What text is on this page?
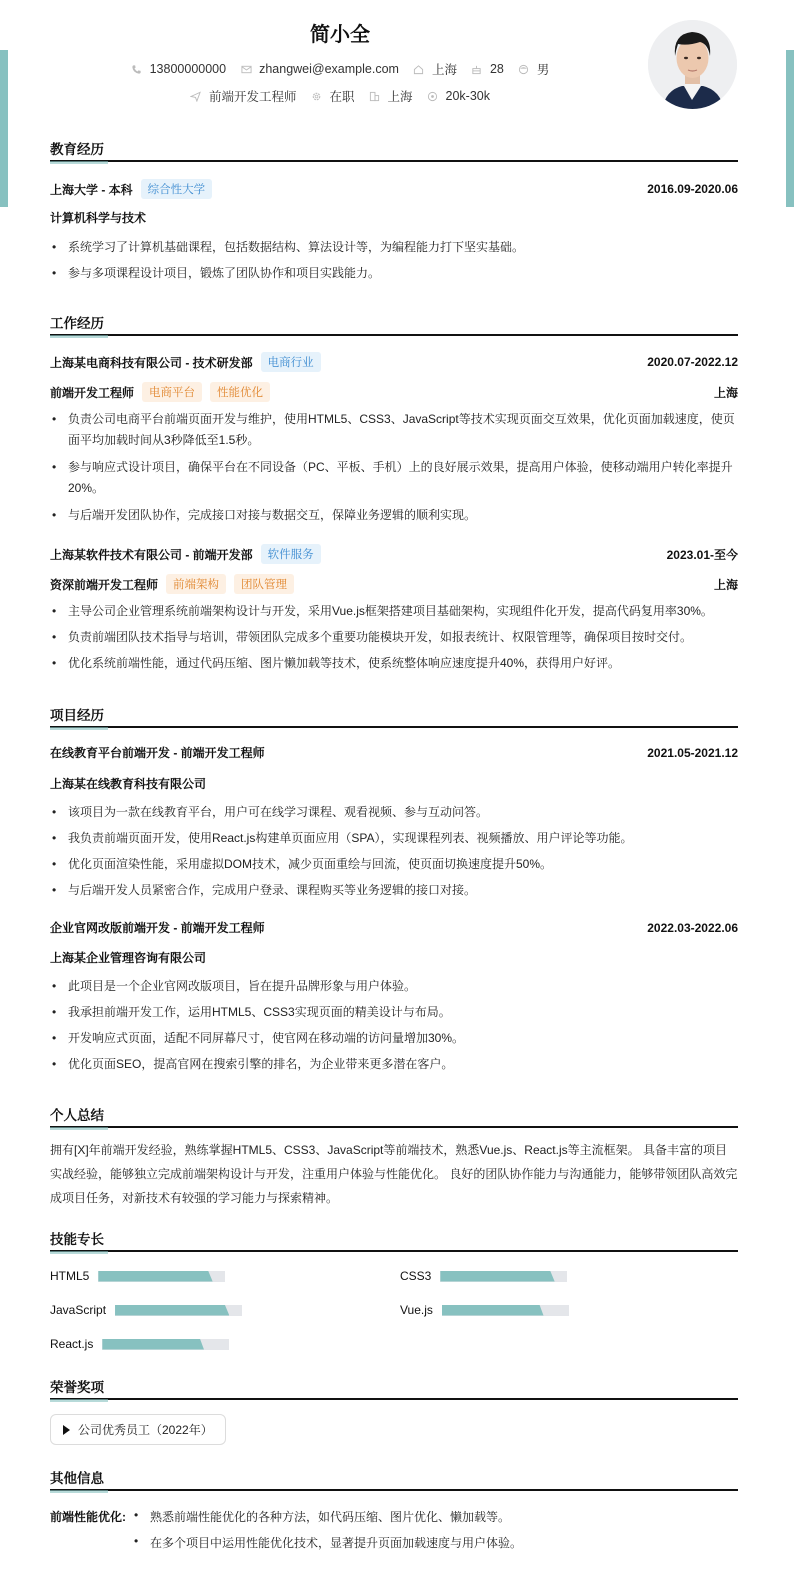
简小全
13800000000	zhangwei@example.com	上海	28	男
前端开发工程师	在职	上海	20k-30k
教育经历
上海大学 - 本科	综合性大学	2016.09-2020.06
计算机科学与技术
• 系统学习了计算机基础课程，包括数据结构、算法设计等，为编程能力打下坚实基础。
• 参与多项课程设计项目，锻炼了团队协作和项目实践能力。
工作经历
上海某电商科技有限公司 - 技术研发部	电商行业	2020.07-2022.12
前端开发工程师	电商平台	性能优化	上海
• 负责公司电商平台前端页面开发与维护，使用HTML5、CSS3、JavaScript等技术实现页面交互效果，优化页面加载速度，使页面平均加载时间从3秒降低至1.5秒。
• 参与响应式设计项目，确保平台在不同设备（PC、平板、手机）上的良好展示效果，提高用户体验，使移动端用户转化率提升20%。
• 与后端开发团队协作，完成接口对接与数据交互，保障业务逻辑的顺利实现。
上海某软件技术有限公司 - 前端开发部	软件服务	2023.01-至今
资深前端开发工程师	前端架构	团队管理	上海
• 主导公司企业管理系统前端架构设计与开发，采用Vue.js框架搭建项目基础架构，实现组件化开发，提高代码复用率30%。
• 负责前端团队技术指导与培训，带领团队完成多个重要功能模块开发，如报表统计、权限管理等，确保项目按时交付。
• 优化系统前端性能，通过代码压缩、图片懒加载等技术，使系统整体响应速度提升40%，获得用户好评。
项目经历
在线教育平台前端开发 - 前端开发工程师	2021.05-2021.12
上海某在线教育科技有限公司
• 该项目为一款在线教育平台，用户可在线学习课程、观看视频、参与互动问答。
• 我负责前端页面开发，使用React.js构建单页面应用（SPA），实现课程列表、视频播放、用户评论等功能。
• 优化页面渲染性能，采用虚拟DOM技术，减少页面重绘与回流，使页面切换速度提升50%。
• 与后端开发人员紧密合作，完成用户登录、课程购买等业务逻辑的接口对接。
企业官网改版前端开发 - 前端开发工程师	2022.03-2022.06
上海某企业管理咨询有限公司
• 此项目是一个企业官网改版项目，旨在提升品牌形象与用户体验。
• 我承担前端开发工作，运用HTML5、CSS3实现页面的精美设计与布局。
• 开发响应式页面，适配不同屏幕尺寸，使官网在移动端的访问量增加30%。
• 优化页面SEO，提高官网在搜索引擎的排名，为企业带来更多潜在客户。
个人总结
拥有[X]年前端开发经验，熟练掌握HTML5、CSS3、JavaScript等前端技术，熟悉Vue.js、React.js等主流框架。 具备丰富的项目实战经验，能够独立完成前端架构设计与开发，注重用户体验与性能优化。 良好的团队协作能力与沟通能力，能够带领团队高效完成项目任务，对新技术有较强的学习能力与探索精神。
技能专长
HTML5	CSS3
JavaScript	Vue.js
React.js
荣誉奖项
公司优秀员工（2022年）
其他信息
前端性能优化:	• 熟悉前端性能优化的各种方法，如代码压缩、图片优化、懒加载等。
• 在多个项目中运用性能优化技术，显著提升页面加载速度与用户体验。
